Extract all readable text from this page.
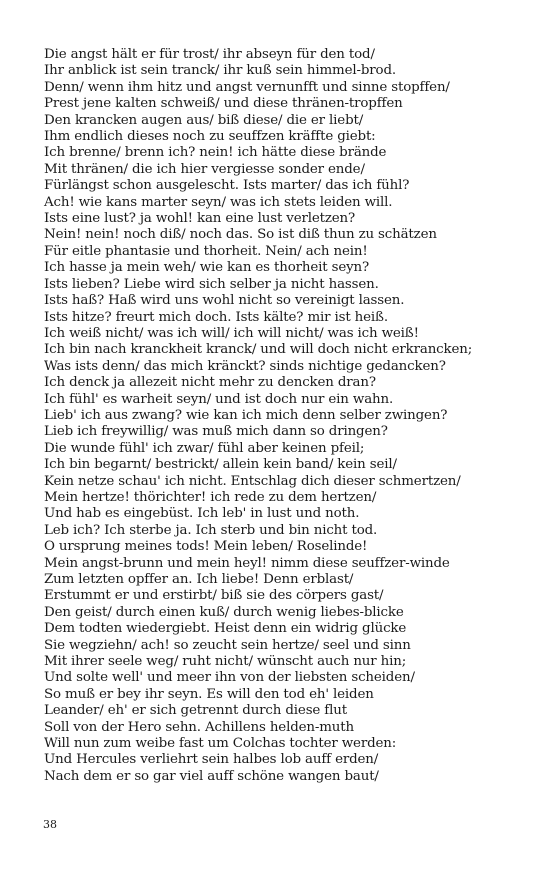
Die angst hält er für trost/ ihr abseyn für den tod/
Ihr anblick ist sein tranck/ ihr kuß sein himmel-brod.
Denn/ wenn ihm hitz und angst vernunfft und sinne stopffen/
Prest jene kalten schweiß/ und diese thränen-tropffen
Den krancken augen aus/ biß diese/ die er liebt/
Ihm endlich dieses noch zu seuffzen kräffte giebt:
Ich brenne/ brenn ich? nein! ich hätte diese brände
Mit thränen/ die ich hier vergiesse sonder ende/
Fürlängst schon ausgelescht. Ists marter/ das ich fühl?
Ach! wie kans marter seyn/ was ich stets leiden will.
Ists eine lust? ja wohl! kan eine lust verletzen?
Nein! nein! noch diß/ noch das. So ist diß thun zu schätzen
Für eitle phantasie und thorheit. Nein/ ach nein!
Ich hasse ja mein weh/ wie kan es thorheit seyn?
Ists lieben? Liebe wird sich selber ja nicht hassen.
Ists haß? Haß wird uns wohl nicht so vereinigt lassen.
Ists hitze? freurt mich doch. Ists kälte? mir ist heiß.
Ich weiß nicht/ was ich will/ ich will nicht/ was ich weiß!
Ich bin nach kranckheit kranck/ und will doch nicht erkrancken;
Was ists denn/ das mich kränckt? sinds nichtige gedancken?
Ich denck ja allezeit nicht mehr zu dencken dran?
Ich fühl' es warheit seyn/ und ist doch nur ein wahn.
Lieb' ich aus zwang? wie kan ich mich denn selber zwingen?
Lieb ich freywillig/ was muß mich dann so dringen?
Die wunde fühl' ich zwar/ fühl aber keinen pfeil;
Ich bin begarnt/ bestrickt/ allein kein band/ kein seil/
Kein netze schau' ich nicht. Entschlag dich dieser schmertzen/
Mein hertze! thörichter! ich rede zu dem hertzen/
Und hab es eingebüst. Ich leb' in lust und noth.
Leb ich? Ich sterbe ja. Ich sterb und bin nicht tod.
O ursprung meines tods! Mein leben/ Roselinde!
Mein angst-brunn und mein heyl! nimm diese seuffzer-winde
Zum letzten opffer an. Ich liebe! Denn erblast/
Erstummt er und erstirbt/ biß sie des cörpers gast/
Den geist/ durch einen kuß/ durch wenig liebes-blicke
Dem todten wiedergiebt. Heist denn ein widrig glücke
Sie wegziehn/ ach! so zeucht sein hertze/ seel und sinn
Mit ihrer seele weg/ ruht nicht/ wünscht auch nur hin;
Und solte well' und meer ihn von der liebsten scheiden/
So muß er bey ihr seyn. Es will den tod eh' leiden
Leander/ eh' er sich getrennt durch diese flut
Soll von der Hero sehn. Achillens helden-muth
Will nun zum weibe fast um Colchas tochter werden:
Und Hercules verliehrt sein halbes lob auff erden/
Nach dem er so gar viel auff schöne wangen baut/
38
